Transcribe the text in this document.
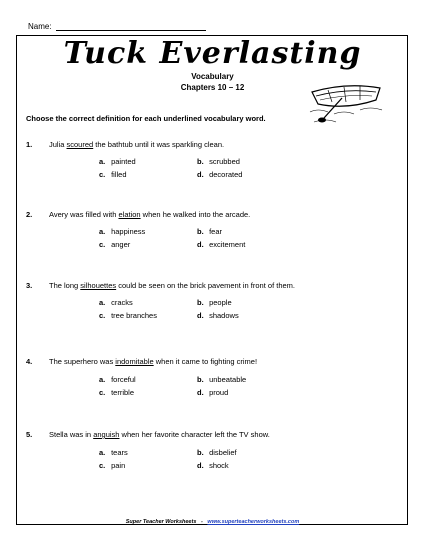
Name:
Tuck Everlasting
Vocabulary
Chapters 10 – 12
Choose the correct definition for each underlined vocabulary word.
1. Julia scoured the bathtub until it was sparkling clean.
a. painted	b. scrubbed
c. filled	d. decorated
2. Avery was filled with elation when he walked into the arcade.
a. happiness	b. fear
c. anger	d. excitement
3. The long silhouettes could be seen on the brick pavement in front of them.
a. cracks	b. people
c. tree branches	d. shadows
4. The superhero was indomitable when it came to fighting crime!
a. forceful	b. unbeatable
c. terrible	d. proud
5. Stella was in anguish when her favorite character left the TV show.
a. tears	b. disbelief
c. pain	d. shock
Super Teacher Worksheets - www.superteacherworksheets.com
